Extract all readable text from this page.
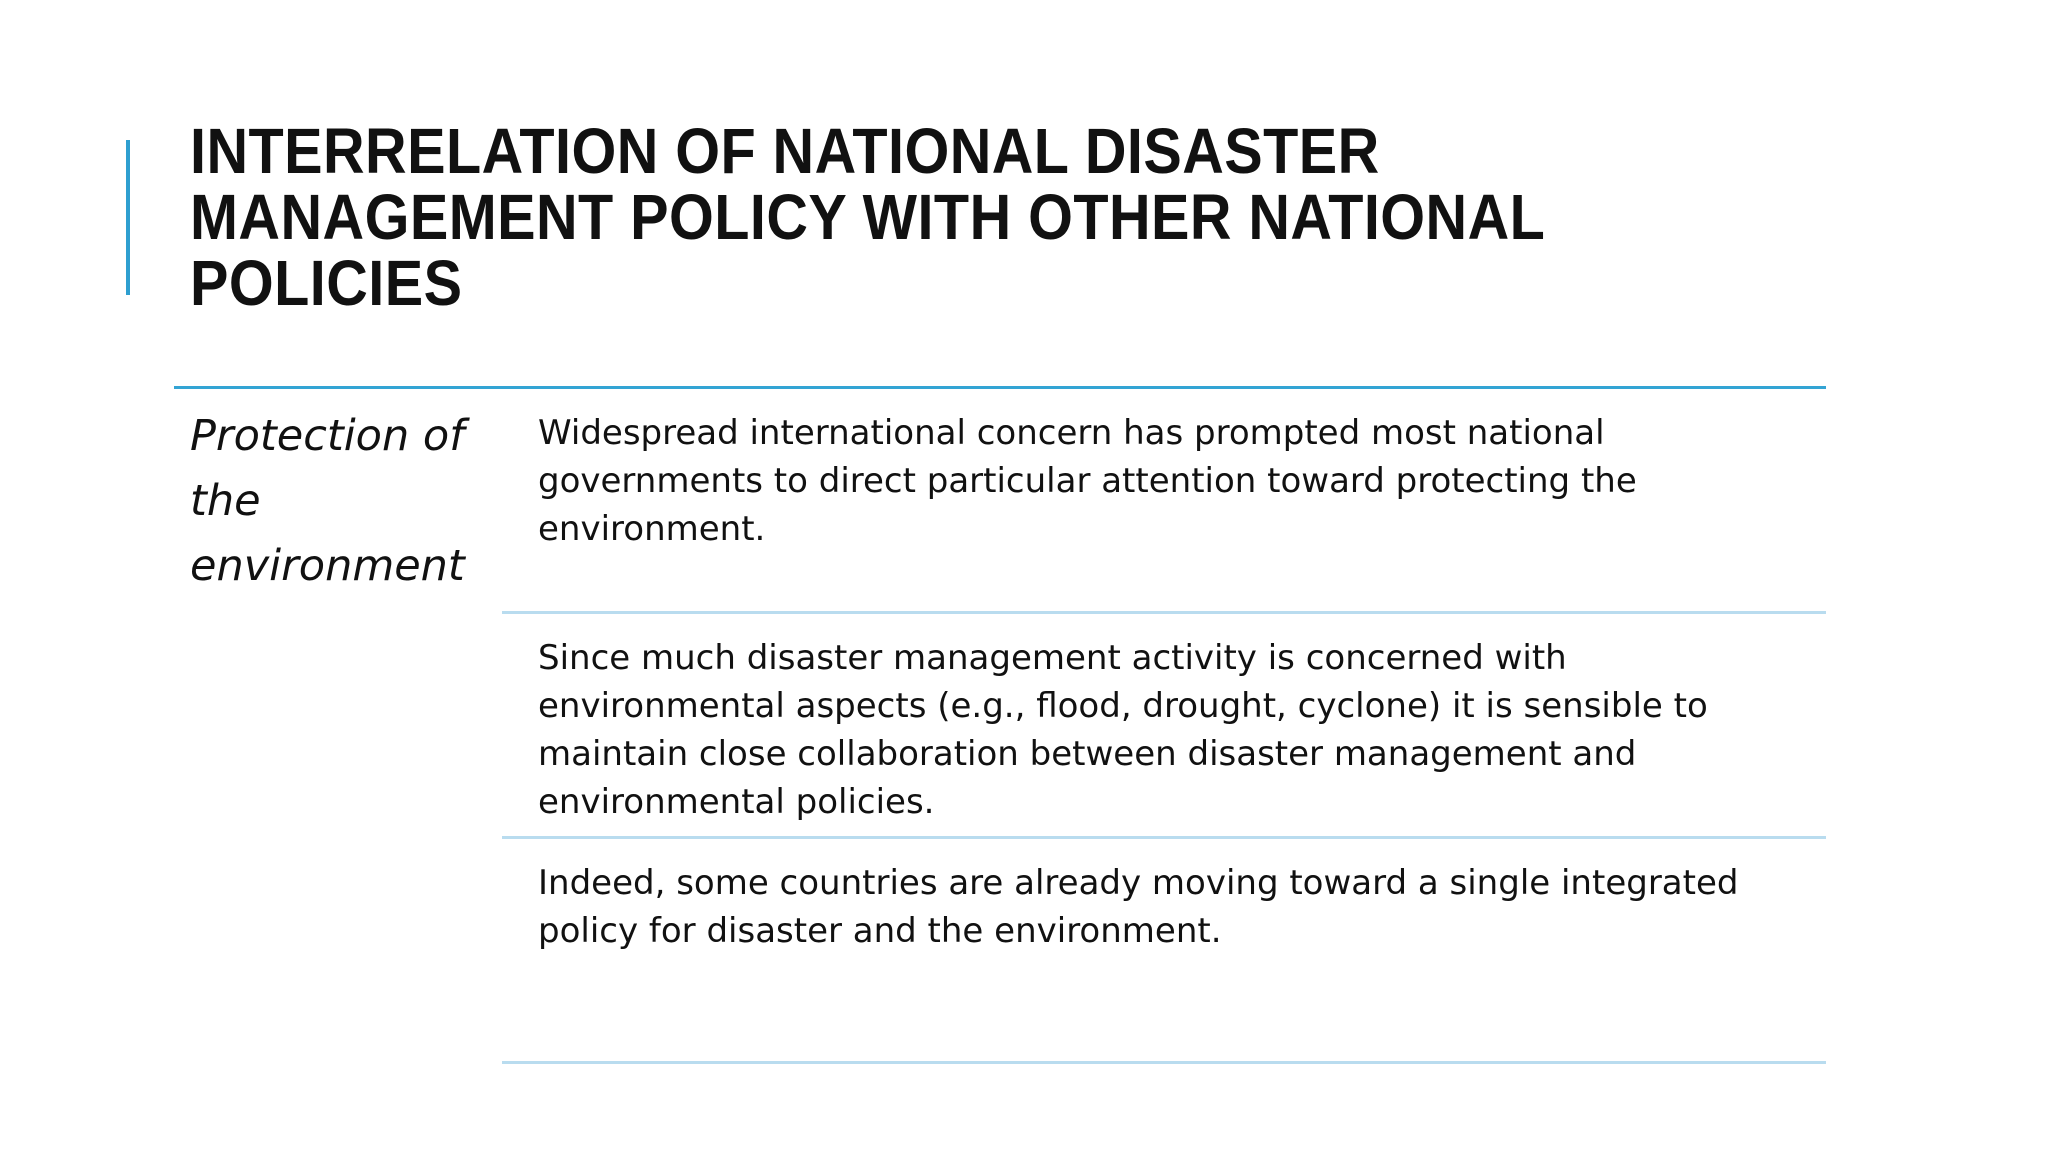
INTERRELATION OF NATIONAL DISASTER MANAGEMENT POLICY WITH OTHER NATIONAL POLICIES
Protection of the environment

Widespread international concern has prompted most national governments to direct particular attention toward protecting the environment.

Since much disaster management activity is concerned with environmental aspects (e.g., flood, drought, cyclone) it is sensible to maintain close collaboration between disaster management and environmental policies.

Indeed, some countries are already moving toward a single integrated policy for disaster and the environment.
